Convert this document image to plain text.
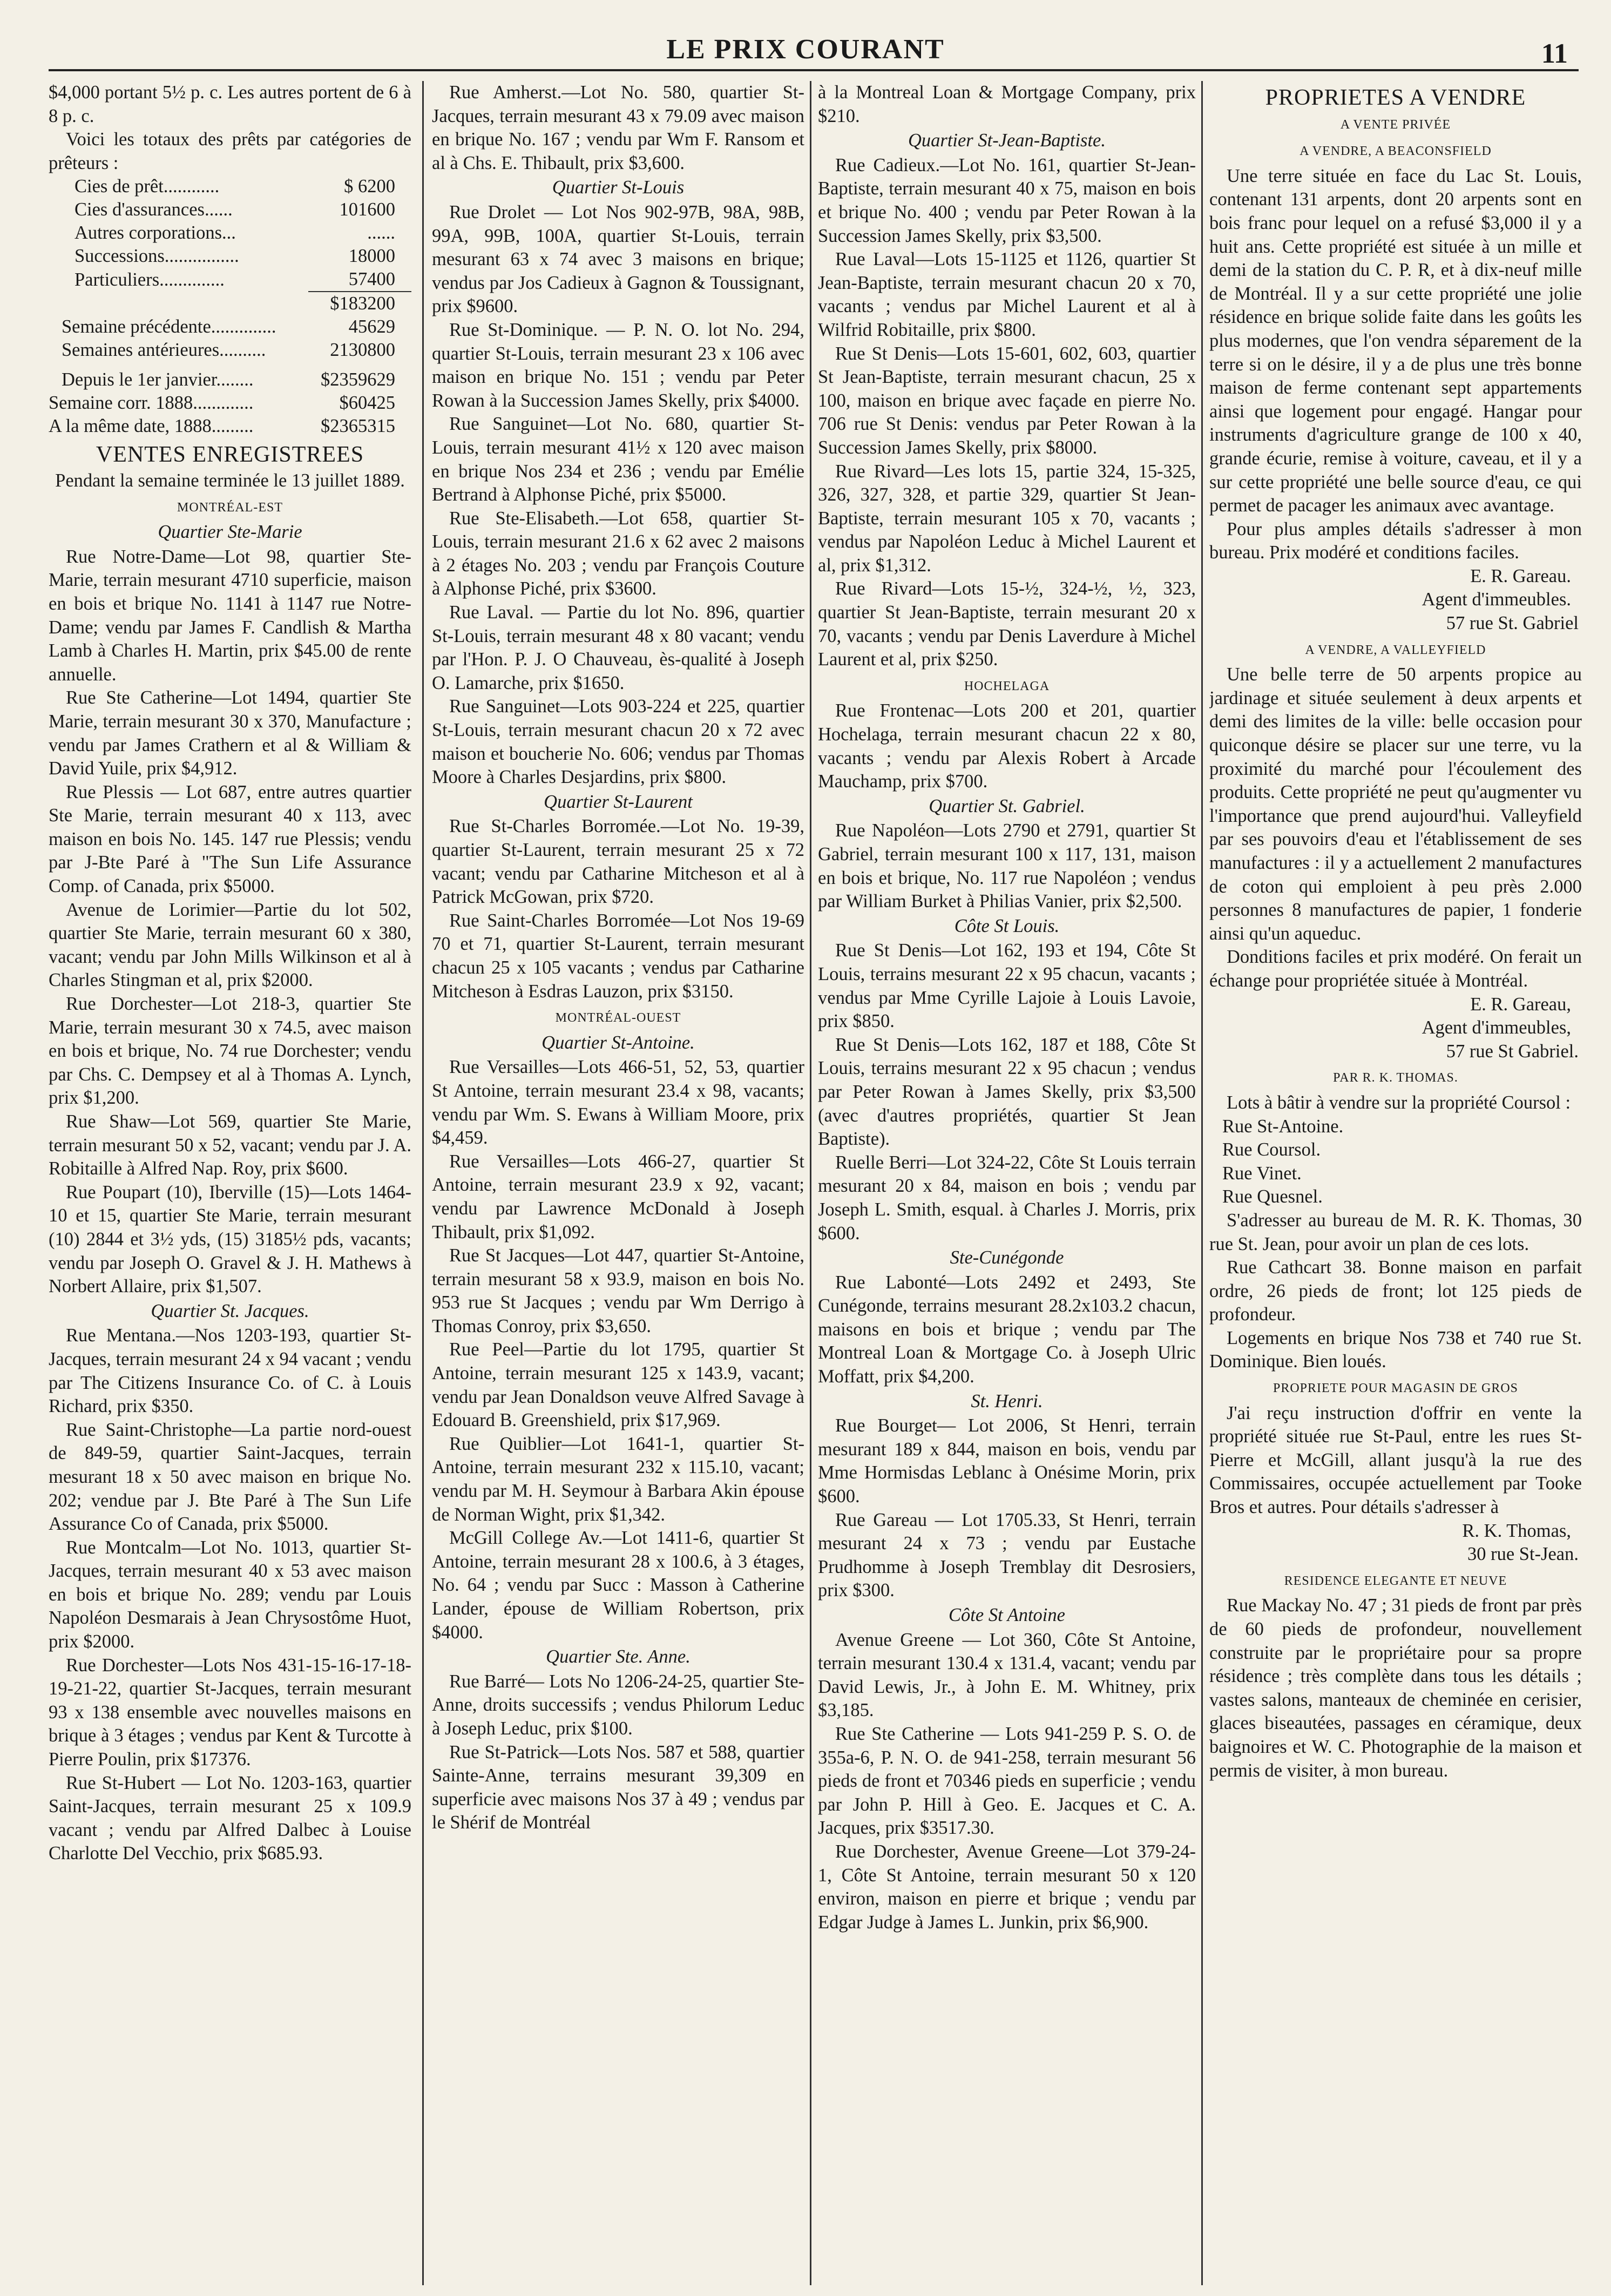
LE PRIX COURANT	11

$4,000 portant 5½ p. c. Les autres portent de 6 à 8 p. c.

Voici les totaux des prêts par catégories de prêteurs :

Cies de prêt............	$ 6200
Cies d'assurances......	101600
Autres corporations...	......
Successions................	18000
Particuliers..............	57400
	$183200
Semaine précédente..............	45629
Semaines antérieures..........	2130800
Depuis le 1er janvier........	$2359629
Semaine corr. 1888.............	$60425
A la même date, 1888.........	$2365315
VENTES ENREGISTREES

Pendant la semaine terminée le 13 juillet 1889.

MONTRÉAL-EST

Quartier Ste-Marie

Rue Notre-Dame—Lot 98, quartier Ste-Marie, terrain mesurant 4710 superficie, maison en bois et brique No. 1141 à 1147 rue Notre-Dame; vendu par James F. Candlish & Martha Lamb à Charles H. Martin, prix $45.00 de rente annuelle.

Rue Ste Catherine—Lot 1494, quartier Ste Marie, terrain mesurant 30 x 370, Manufacture ; vendu par James Crathern et al & William & David Yuile, prix $4,912.

Rue Plessis — Lot 687, entre autres quartier Ste Marie, terrain mesurant 40 x 113, avec maison en bois No. 145. 147 rue Plessis; vendu par J-Bte Paré à "The Sun Life Assurance Comp. of Canada, prix $5000.

Avenue de Lorimier—Partie du lot 502, quartier Ste Marie, terrain mesurant 60 x 380, vacant; vendu par John Mills Wilkinson et al à Charles Stingman et al, prix $2000.

Rue Dorchester—Lot 218-3, quartier Ste Marie, terrain mesurant 30 x 74.5, avec maison en bois et brique, No. 74 rue Dorchester; vendu par Chs. C. Dempsey et al à Thomas A. Lynch, prix $1,200.

Rue Shaw—Lot 569, quartier Ste Marie, terrain mesurant 50 x 52, vacant; vendu par J. A. Robitaille à Alfred Nap. Roy, prix $600.

Rue Poupart (10), Iberville (15)—Lots 1464-10 et 15, quartier Ste Marie, terrain mesurant (10) 2844 et 3½ yds, (15) 3185½ pds, vacants; vendu par Joseph O. Gravel & J. H. Mathews à Norbert Allaire, prix $1,507.

Quartier St. Jacques.

Rue Mentana.—Nos 1203-193, quartier St-Jacques, terrain mesurant 24 x 94 vacant ; vendu par The Citizens Insurance Co. of C. à Louis Richard, prix $350.

Rue Saint-Christophe—La partie nord-ouest de 849-59, quartier Saint-Jacques, terrain mesurant 18 x 50 avec maison en brique No. 202; vendue par J. Bte Paré à The Sun Life Assurance Co of Canada, prix $5000.

Rue Montcalm—Lot No. 1013, quartier St-Jacques, terrain mesurant 40 x 53 avec maison en bois et brique No. 289; vendu par Louis Napoléon Desmarais à Jean Chrysostôme Huot, prix $2000.

Rue Dorchester—Lots Nos 431-15-16-17-18-19-21-22, quartier St-Jacques, terrain mesurant 93 x 138 ensemble avec nouvelles maisons en brique à 3 étages ; vendus par Kent & Turcotte à Pierre Poulin, prix $17376.

Rue St-Hubert — Lot No. 1203-163, quartier Saint-Jacques, terrain mesurant 25 x 109.9 vacant ; vendu par Alfred Dalbec à Louise Charlotte Del Vecchio, prix $685.93.

Rue Amherst.—Lot No. 580, quartier St-Jacques, terrain mesurant 43 x 79.09 avec maison en brique No. 167 ; vendu par Wm F. Ransom et al à Chs. E. Thibault, prix $3,600.

Quartier St-Louis

Rue Drolet — Lot Nos 902-97B, 98A, 98B, 99A, 99B, 100A, quartier St-Louis, terrain mesurant 63 x 74 avec 3 maisons en brique; vendus par Jos Cadieux à Gagnon & Toussignant, prix $9600.

Rue St-Dominique. — P. N. O. lot No. 294, quartier St-Louis, terrain mesurant 23 x 106 avec maison en brique No. 151 ; vendu par Peter Rowan à la Succession James Skelly, prix $4000.

Rue Sanguinet—Lot No. 680, quartier St-Louis, terrain mesurant 41½ x 120 avec maison en brique Nos 234 et 236 ; vendu par Emélie Bertrand à Alphonse Piché, prix $5000.

Rue Ste-Elisabeth.—Lot 658, quartier St-Louis, terrain mesurant 21.6 x 62 avec 2 maisons à 2 étages No. 203 ; vendu par François Couture à Alphonse Piché, prix $3600.

Rue Laval. — Partie du lot No. 896, quartier St-Louis, terrain mesurant 48 x 80 vacant; vendu par l'Hon. P. J. O Chauveau, ès-qualité à Joseph O. Lamarche, prix $1650.

Rue Sanguinet—Lots 903-224 et 225, quartier St-Louis, terrain mesurant chacun 20 x 72 avec maison et boucherie No. 606; vendus par Thomas Moore à Charles Desjardins, prix $800.

Quartier St-Laurent

Rue St-Charles Borromée.—Lot No. 19-39, quartier St-Laurent, terrain mesurant 25 x 72 vacant; vendu par Catharine Mitcheson et al à Patrick McGowan, prix $720.

Rue Saint-Charles Borromée—Lot Nos 19-69 70 et 71, quartier St-Laurent, terrain mesurant chacun 25 x 105 vacants ; vendus par Catharine Mitcheson à Esdras Lauzon, prix $3150.

MONTRÉAL-OUEST

Quartier St-Antoine.

Rue Versailles—Lots 466-51, 52, 53, quartier St Antoine, terrain mesurant 23.4 x 98, vacants; vendu par Wm. S. Ewans à William Moore, prix $4,459.

Rue Versailles—Lots 466-27, quartier St Antoine, terrain mesurant 23.9 x 92, vacant; vendu par Lawrence McDonald à Joseph Thibault, prix $1,092.

Rue St Jacques—Lot 447, quartier St-Antoine, terrain mesurant 58 x 93.9, maison en bois No. 953 rue St Jacques ; vendu par Wm Derrigo à Thomas Conroy, prix $3,650.

Rue Peel—Partie du lot 1795, quartier St Antoine, terrain mesurant 125 x 143.9, vacant; vendu par Jean Donaldson veuve Alfred Savage à Edouard B. Greenshield, prix $17,969.

Rue Quiblier—Lot 1641-1, quartier St-Antoine, terrain mesurant 232 x 115.10, vacant; vendu par M. H. Seymour à Barbara Akin épouse de Norman Wight, prix $1,342.

McGill College Av.—Lot 1411-6, quartier St Antoine, terrain mesurant 28 x 100.6, à 3 étages, No. 64 ; vendu par Succ : Masson à Catherine Lander, épouse de William Robertson, prix $4000.

Quartier Ste. Anne.

Rue Barré— Lots No 1206-24-25, quartier Ste-Anne, droits successifs ; vendus Philorum Leduc à Joseph Leduc, prix $100.

Rue St-Patrick—Lots Nos. 587 et 588, quartier Sainte-Anne, terrains mesurant 39,309 en superficie avec maisons Nos 37 à 49 ; vendus par le Shérif de Montréal

à la Montreal Loan & Mortgage Company, prix $210.

Quartier St-Jean-Baptiste.

Rue Cadieux.—Lot No. 161, quartier St-Jean-Baptiste, terrain mesurant 40 x 75, maison en bois et brique No. 400 ; vendu par Peter Rowan à la Succession James Skelly, prix $3,500.

Rue Laval—Lots 15-1125 et 1126, quartier St Jean-Baptiste, terrain mesurant chacun 20 x 70, vacants ; vendus par Michel Laurent et al à Wilfrid Robitaille, prix $800.

Rue St Denis—Lots 15-601, 602, 603, quartier St Jean-Baptiste, terrain mesurant chacun, 25 x 100, maison en brique avec façade en pierre No. 706 rue St Denis: vendus par Peter Rowan à la Succession James Skelly, prix $8000.

Rue Rivard—Les lots 15, partie 324, 15-325, 326, 327, 328, et partie 329, quartier St Jean-Baptiste, terrain mesurant 105 x 70, vacants ; vendus par Napoléon Leduc à Michel Laurent et al, prix $1,312.

Rue Rivard—Lots 15-½, 324-½, ½, 323, quartier St Jean-Baptiste, terrain mesurant 20 x 70, vacants ; vendu par Denis Laverdure à Michel Laurent et al, prix $250.

HOCHELAGA

Rue Frontenac—Lots 200 et 201, quartier Hochelaga, terrain mesurant chacun 22 x 80, vacants ; vendu par Alexis Robert à Arcade Mauchamp, prix $700.

Quartier St. Gabriel.

Rue Napoléon—Lots 2790 et 2791, quartier St Gabriel, terrain mesurant 100 x 117, 131, maison en bois et brique, No. 117 rue Napoléon ; vendus par William Burket à Philias Vanier, prix $2,500.

Côte St Louis.

Rue St Denis—Lot 162, 193 et 194, Côte St Louis, terrains mesurant 22 x 95 chacun, vacants ; vendus par Mme Cyrille Lajoie à Louis Lavoie, prix $850.

Rue St Denis—Lots 162, 187 et 188, Côte St Louis, terrains mesurant 22 x 95 chacun ; vendus par Peter Rowan à James Skelly, prix $3,500 (avec d'autres propriétés, quartier St Jean Baptiste).

Ruelle Berri—Lot 324-22, Côte St Louis terrain mesurant 20 x 84, maison en bois ; vendu par Joseph L. Smith, esqual. à Charles J. Morris, prix $600.

Ste-Cunégonde

Rue Labonté—Lots 2492 et 2493, Ste Cunégonde, terrains mesurant 28.2x103.2 chacun, maisons en bois et brique ; vendu par The Montreal Loan & Mortgage Co. à Joseph Ulric Moffatt, prix $4,200.

St. Henri.

Rue Bourget— Lot 2006, St Henri, terrain mesurant 189 x 844, maison en bois, vendu par Mme Hormisdas Leblanc à Onésime Morin, prix $600.

Rue Gareau — Lot 1705.33, St Henri, terrain mesurant 24 x 73 ; vendu par Eustache Prudhomme à Joseph Tremblay dit Desrosiers, prix $300.

Côte St Antoine

Avenue Greene — Lot 360, Côte St Antoine, terrain mesurant 130.4 x 131.4, vacant; vendu par David Lewis, Jr., à John E. M. Whitney, prix $3,185.

Rue Ste Catherine — Lots 941-259 P. S. O. de 355a-6, P. N. O. de 941-258, terrain mesurant 56 pieds de front et 70346 pieds en superficie ; vendu par John P. Hill à Geo. E. Jacques et C. A. Jacques, prix $3517.30.

Rue Dorchester, Avenue Greene—Lot 379-24-1, Côte St Antoine, terrain mesurant 50 x 120 environ, maison en pierre et brique ; vendu par Edgar Judge à James L. Junkin, prix $6,900.

PROPRIETES A VENDRE
A VENTE PRIVÉE
A VENDRE, A BEACONSFIELD

Une terre située en face du Lac St. Louis, contenant 131 arpents, dont 20 arpents sont en bois franc pour lequel on a refusé $3,000 il y a huit ans. Cette propriété est située à un mille et demi de la station du C. P. R, et à dix-neuf mille de Montréal. Il y a sur cette propriété une jolie résidence en brique solide faite dans les goûts les plus modernes, que l'on vendra séparement de la terre si on le désire, il y a de plus une très bonne maison de ferme contenant sept appartements ainsi que logement pour engagé. Hangar pour instruments d'agriculture grange de 100 x 40, grande écurie, remise à voiture, caveau, et il y a sur cette propriété une belle source d'eau, ce qui permet de pacager les animaux avec avantage.

Pour plus amples détails s'adresser à mon bureau. Prix modéré et conditions faciles.

E. R. Gareau.

Agent d'immeubles.

57 rue St. Gabriel

A VENDRE, A VALLEYFIELD

Une belle terre de 50 arpents propice au jardinage et située seulement à deux arpents et demi des limites de la ville: belle occasion pour quiconque désire se placer sur une terre, vu la proximité du marché pour l'écoulement des produits. Cette propriété ne peut qu'augmenter vu l'importance que prend aujourd'hui. Valleyfield par ses pouvoirs d'eau et l'établissement de ses manufactures : il y a actuellement 2 manufactures de coton qui emploient à peu près 2.000 personnes 8 manufactures de papier, 1 fonderie ainsi qu'un aqueduc.

Donditions faciles et prix modéré. On ferait un échange pour propriétée située à Montréal.

E. R. Gareau,

Agent d'immeubles,

57 rue St Gabriel.

PAR R. K. THOMAS.

Lots à bâtir à vendre sur la propriété Coursol :

Rue St-Antoine.

Rue Coursol.

Rue Vinet.

Rue Quesnel.

S'adresser au bureau de M. R. K. Thomas, 30 rue St. Jean, pour avoir un plan de ces lots.

Rue Cathcart 38. Bonne maison en parfait ordre, 26 pieds de front; lot 125 pieds de profondeur.

Logements en brique Nos 738 et 740 rue St. Dominique. Bien loués.

PROPRIETE POUR MAGASIN DE GROS

J'ai reçu instruction d'offrir en vente la propriété située rue St-Paul, entre les rues St-Pierre et McGill, allant jusqu'à la rue des Commissaires, occupée actuellement par Tooke Bros et autres. Pour détails s'adresser à

R. K. Thomas,

30 rue St-Jean.

RESIDENCE ELEGANTE ET NEUVE

Rue Mackay No. 47 ; 31 pieds de front par près de 60 pieds de profondeur, nouvellement construite par le propriétaire pour sa propre résidence ; très complète dans tous les détails ; vastes salons, manteaux de cheminée en cerisier, glaces biseautées, passages en céramique, deux baignoires et W. C. Photographie de la maison et permis de visiter, à mon bureau.
